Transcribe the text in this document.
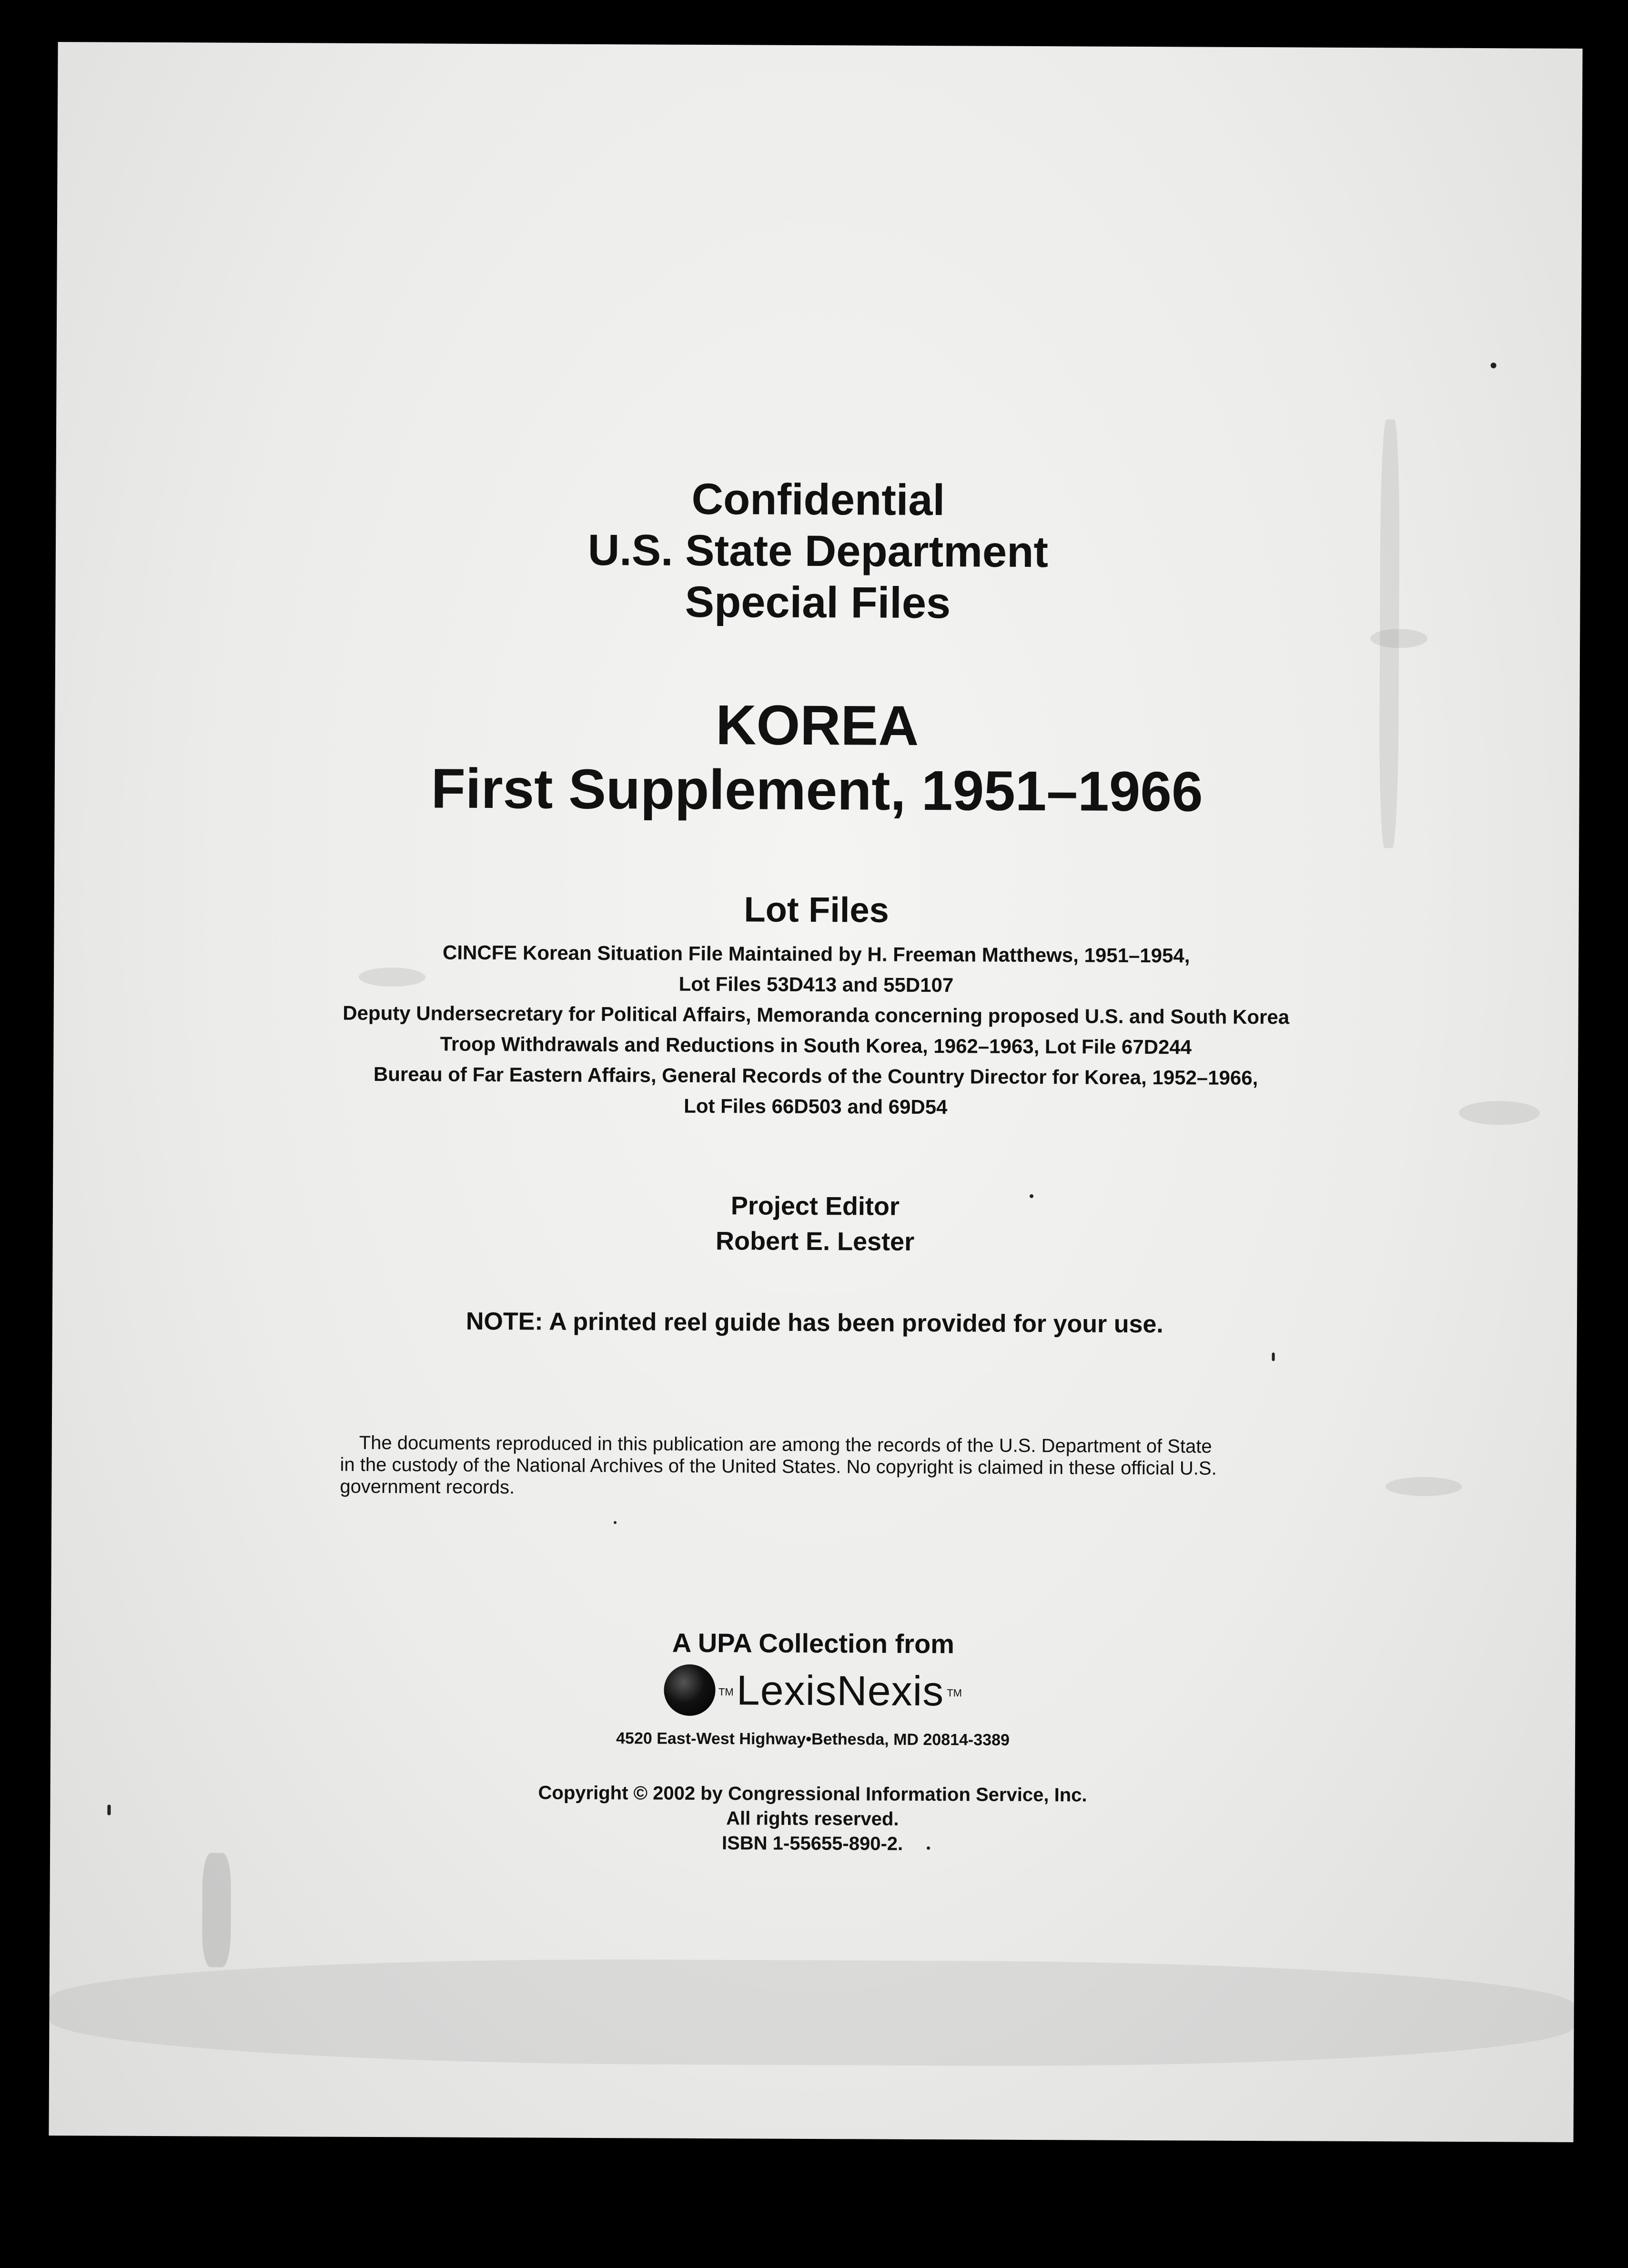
Confidential

U.S. State Department

Special Files

KOREA

First Supplement, 1951–1966

Lot Files

CINCFE Korean Situation File Maintained by H. Freeman Matthews, 1951–1954,

Lot Files 53D413 and 55D107

Deputy Undersecretary for Political Affairs, Memoranda concerning proposed U.S. and South Korea

Troop Withdrawals and Reductions in South Korea, 1962–1963, Lot File 67D244

Bureau of Far Eastern Affairs, General Records of the Country Director for Korea, 1952–1966,

Lot Files 66D503 and 69D54

Project Editor

Robert E. Lester

NOTE: A printed reel guide has been provided for your use.

The documents reproduced in this publication are among the records of the U.S. Department of State
in the custody of the National Archives of the United States. No copyright is claimed in these official U.S.
government records.

A UPA Collection from

TM LexisNexis TM

4520 East-West Highway•Bethesda, MD 20814-3389

Copyright © 2002 by Congressional Information Service, Inc.

All rights reserved.

ISBN 1-55655-890-2.
